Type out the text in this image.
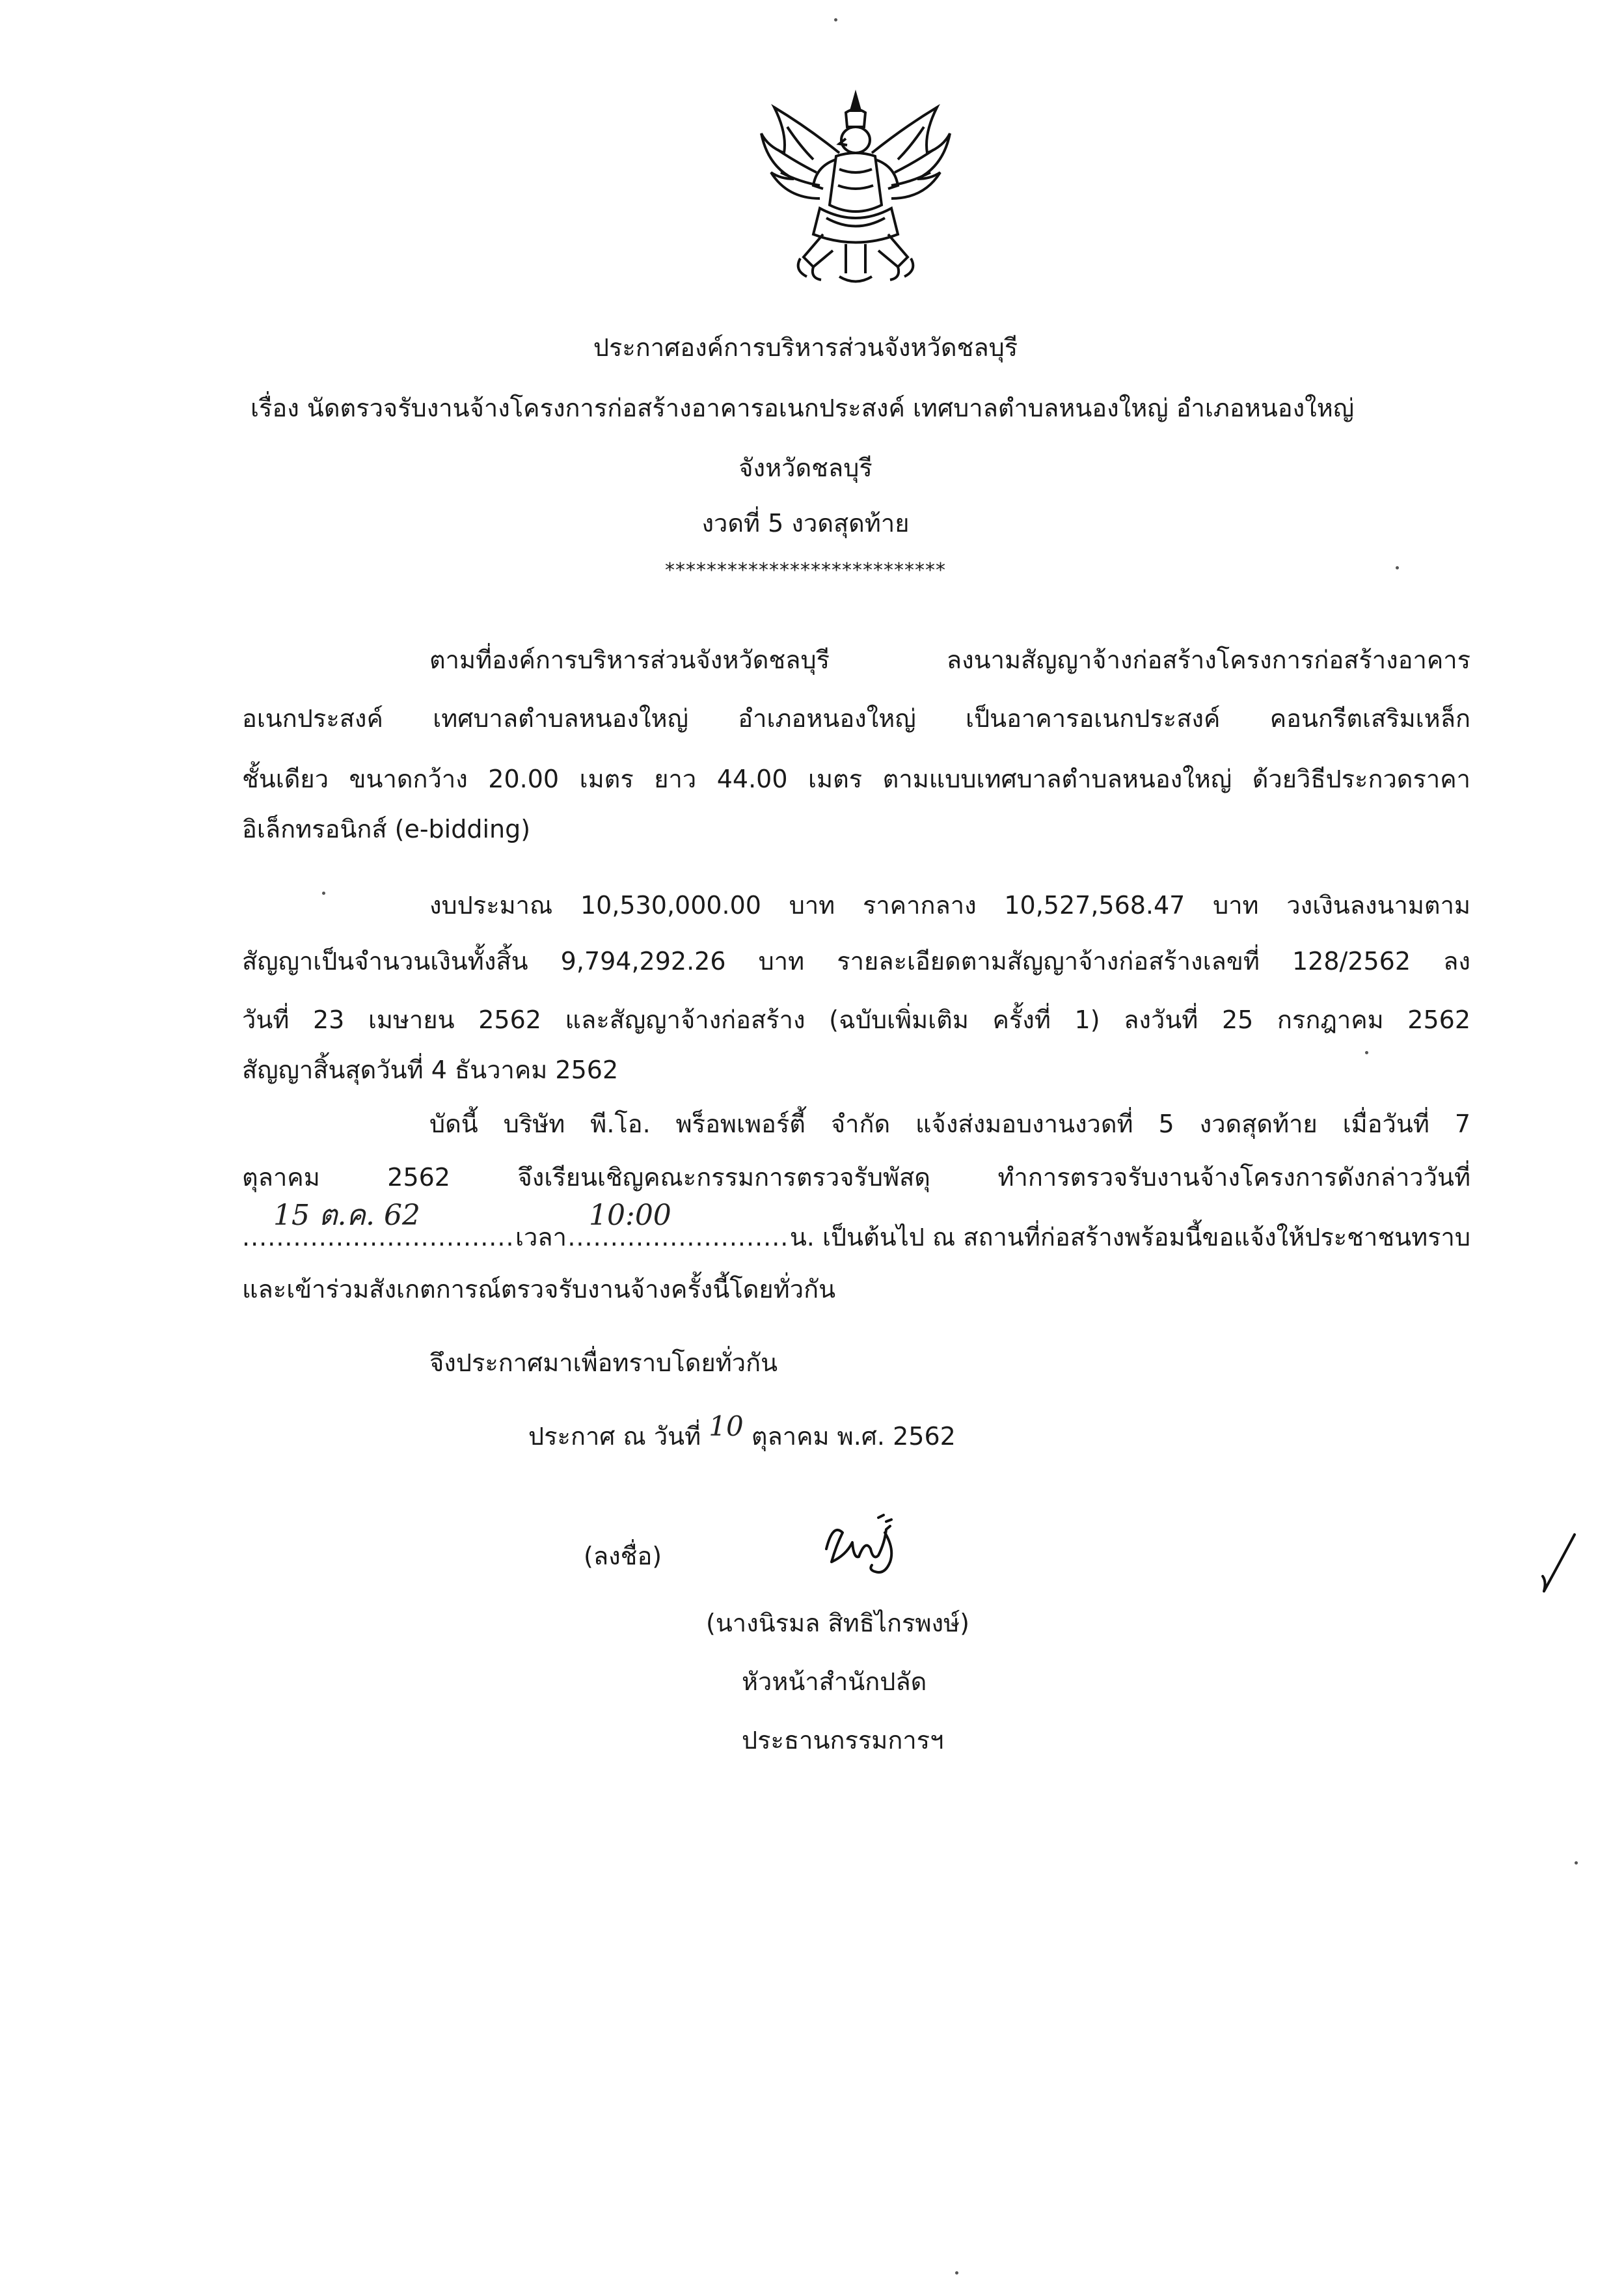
ประกาศองค์การบริหารส่วนจังหวัดชลบุรี
เรื่อง นัดตรวจรับงานจ้างโครงการก่อสร้างอาคารอเนกประสงค์ เทศบาลตำบลหนองใหญ่ อำเภอหนองใหญ่
จังหวัดชลบุรี
งวดที่ 5 งวดสุดท้าย
***************************
ตามที่องค์การบริหารส่วนจังหวัดชลบุรี ลงนามสัญญาจ้างก่อสร้างโครงการก่อสร้างอาคาร
อเนกประสงค์ เทศบาลตำบลหนองใหญ่ อำเภอหนองใหญ่ เป็นอาคารอเนกประสงค์ คอนกรีตเสริมเหล็ก
ชั้นเดียว ขนาดกว้าง 20.00 เมตร ยาว 44.00 เมตร ตามแบบเทศบาลตำบลหนองใหญ่ ด้วยวิธีประกวดราคา
อิเล็กทรอนิกส์ (e-bidding)
งบประมาณ 10,530,000.00 บาท ราคากลาง 10,527,568.47 บาท วงเงินลงนามตาม
สัญญาเป็นจำนวนเงินทั้งสิ้น 9,794,292.26 บาท รายละเอียดตามสัญญาจ้างก่อสร้างเลขที่ 128/2562 ลง
วันที่ 23 เมษายน 2562 และสัญญาจ้างก่อสร้าง (ฉบับเพิ่มเติม ครั้งที่ 1) ลงวันที่ 25 กรกฎาคม 2562
สัญญาสิ้นสุดวันที่ 4 ธันวาคม 2562
บัดนี้ บริษัท พี.โอ. พร็อพเพอร์ตี้ จำกัด แจ้งส่งมอบงานงวดที่ 5 งวดสุดท้าย เมื่อวันที่ 7
ตุลาคม 2562 จึงเรียนเชิญคณะกรรมการตรวจรับพัสดุ ทำการตรวจรับงานจ้างโครงการดังกล่าววันที่
15 ต.ค. 62	10:00
................................ เวลา .......................... น. เป็นต้นไป ณ สถานที่ก่อสร้างพร้อมนี้ขอแจ้งให้ประชาชนทราบ
และเข้าร่วมสังเกตการณ์ตรวจรับงานจ้างครั้งนี้โดยทั่วกัน
จึงประกาศมาเพื่อทราบโดยทั่วกัน
ประกาศ ณ วันที่ 10 ตุลาคม พ.ศ. 2562
(ลงชื่อ)
(นางนิรมล สิทธิไกรพงษ์)
หัวหน้าสำนักปลัด
ประธานกรรมการฯ
